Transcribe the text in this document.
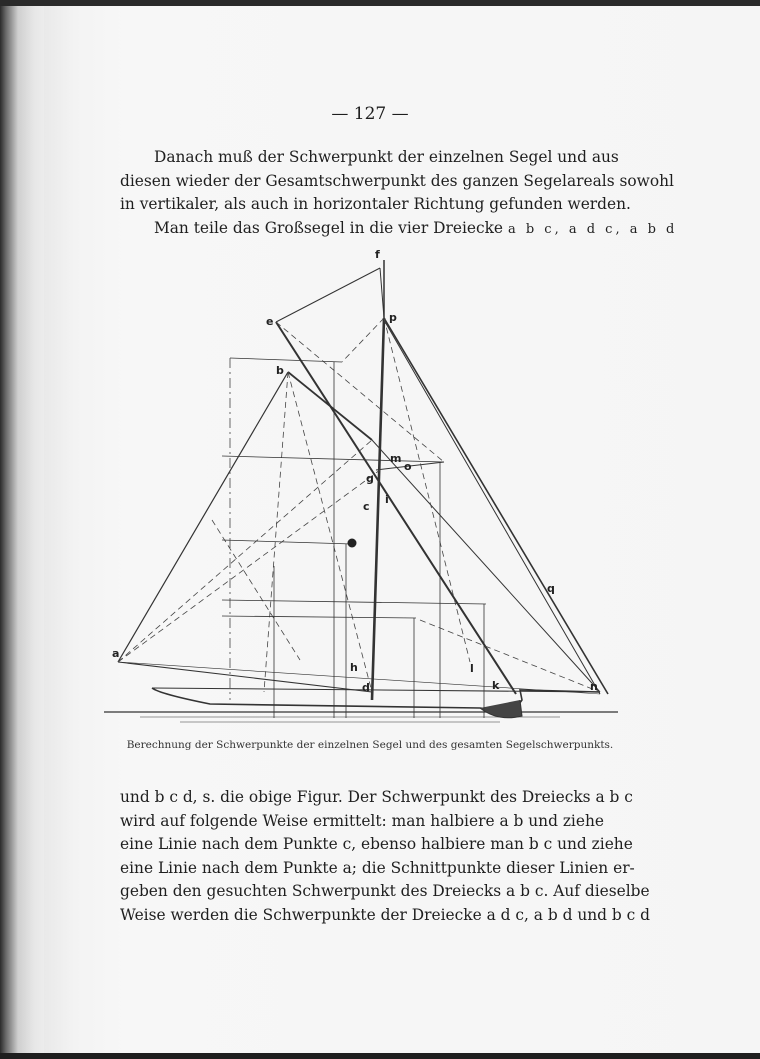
— 127 —
Danach muß der Schwerpunkt der einzelnen Segel und aus
diesen wieder der Gesamtschwerpunkt des ganzen Segelareals sowohl
in vertikaler, als auch in horizontaler Richtung gefunden werden.
Man teile das Großsegel in die vier Dreiecke a b c, a d c, a b d
a
b
c
d
e
f
g
h
i
k
l
m
n
o
p
q
Berechnung der Schwerpunkte der einzelnen Segel und des gesamten Segelschwerpunkts.
und b c d, s. die obige Figur. Der Schwerpunkt des Dreiecks a b c
wird auf folgende Weise ermittelt: man halbiere a b und ziehe
eine Linie nach dem Punkte c, ebenso halbiere man b c und ziehe
eine Linie nach dem Punkte a; die Schnittpunkte dieser Linien er-
geben den gesuchten Schwerpunkt des Dreiecks a b c. Auf dieselbe
Weise werden die Schwerpunkte der Dreiecke a d c, a b d und b c d
